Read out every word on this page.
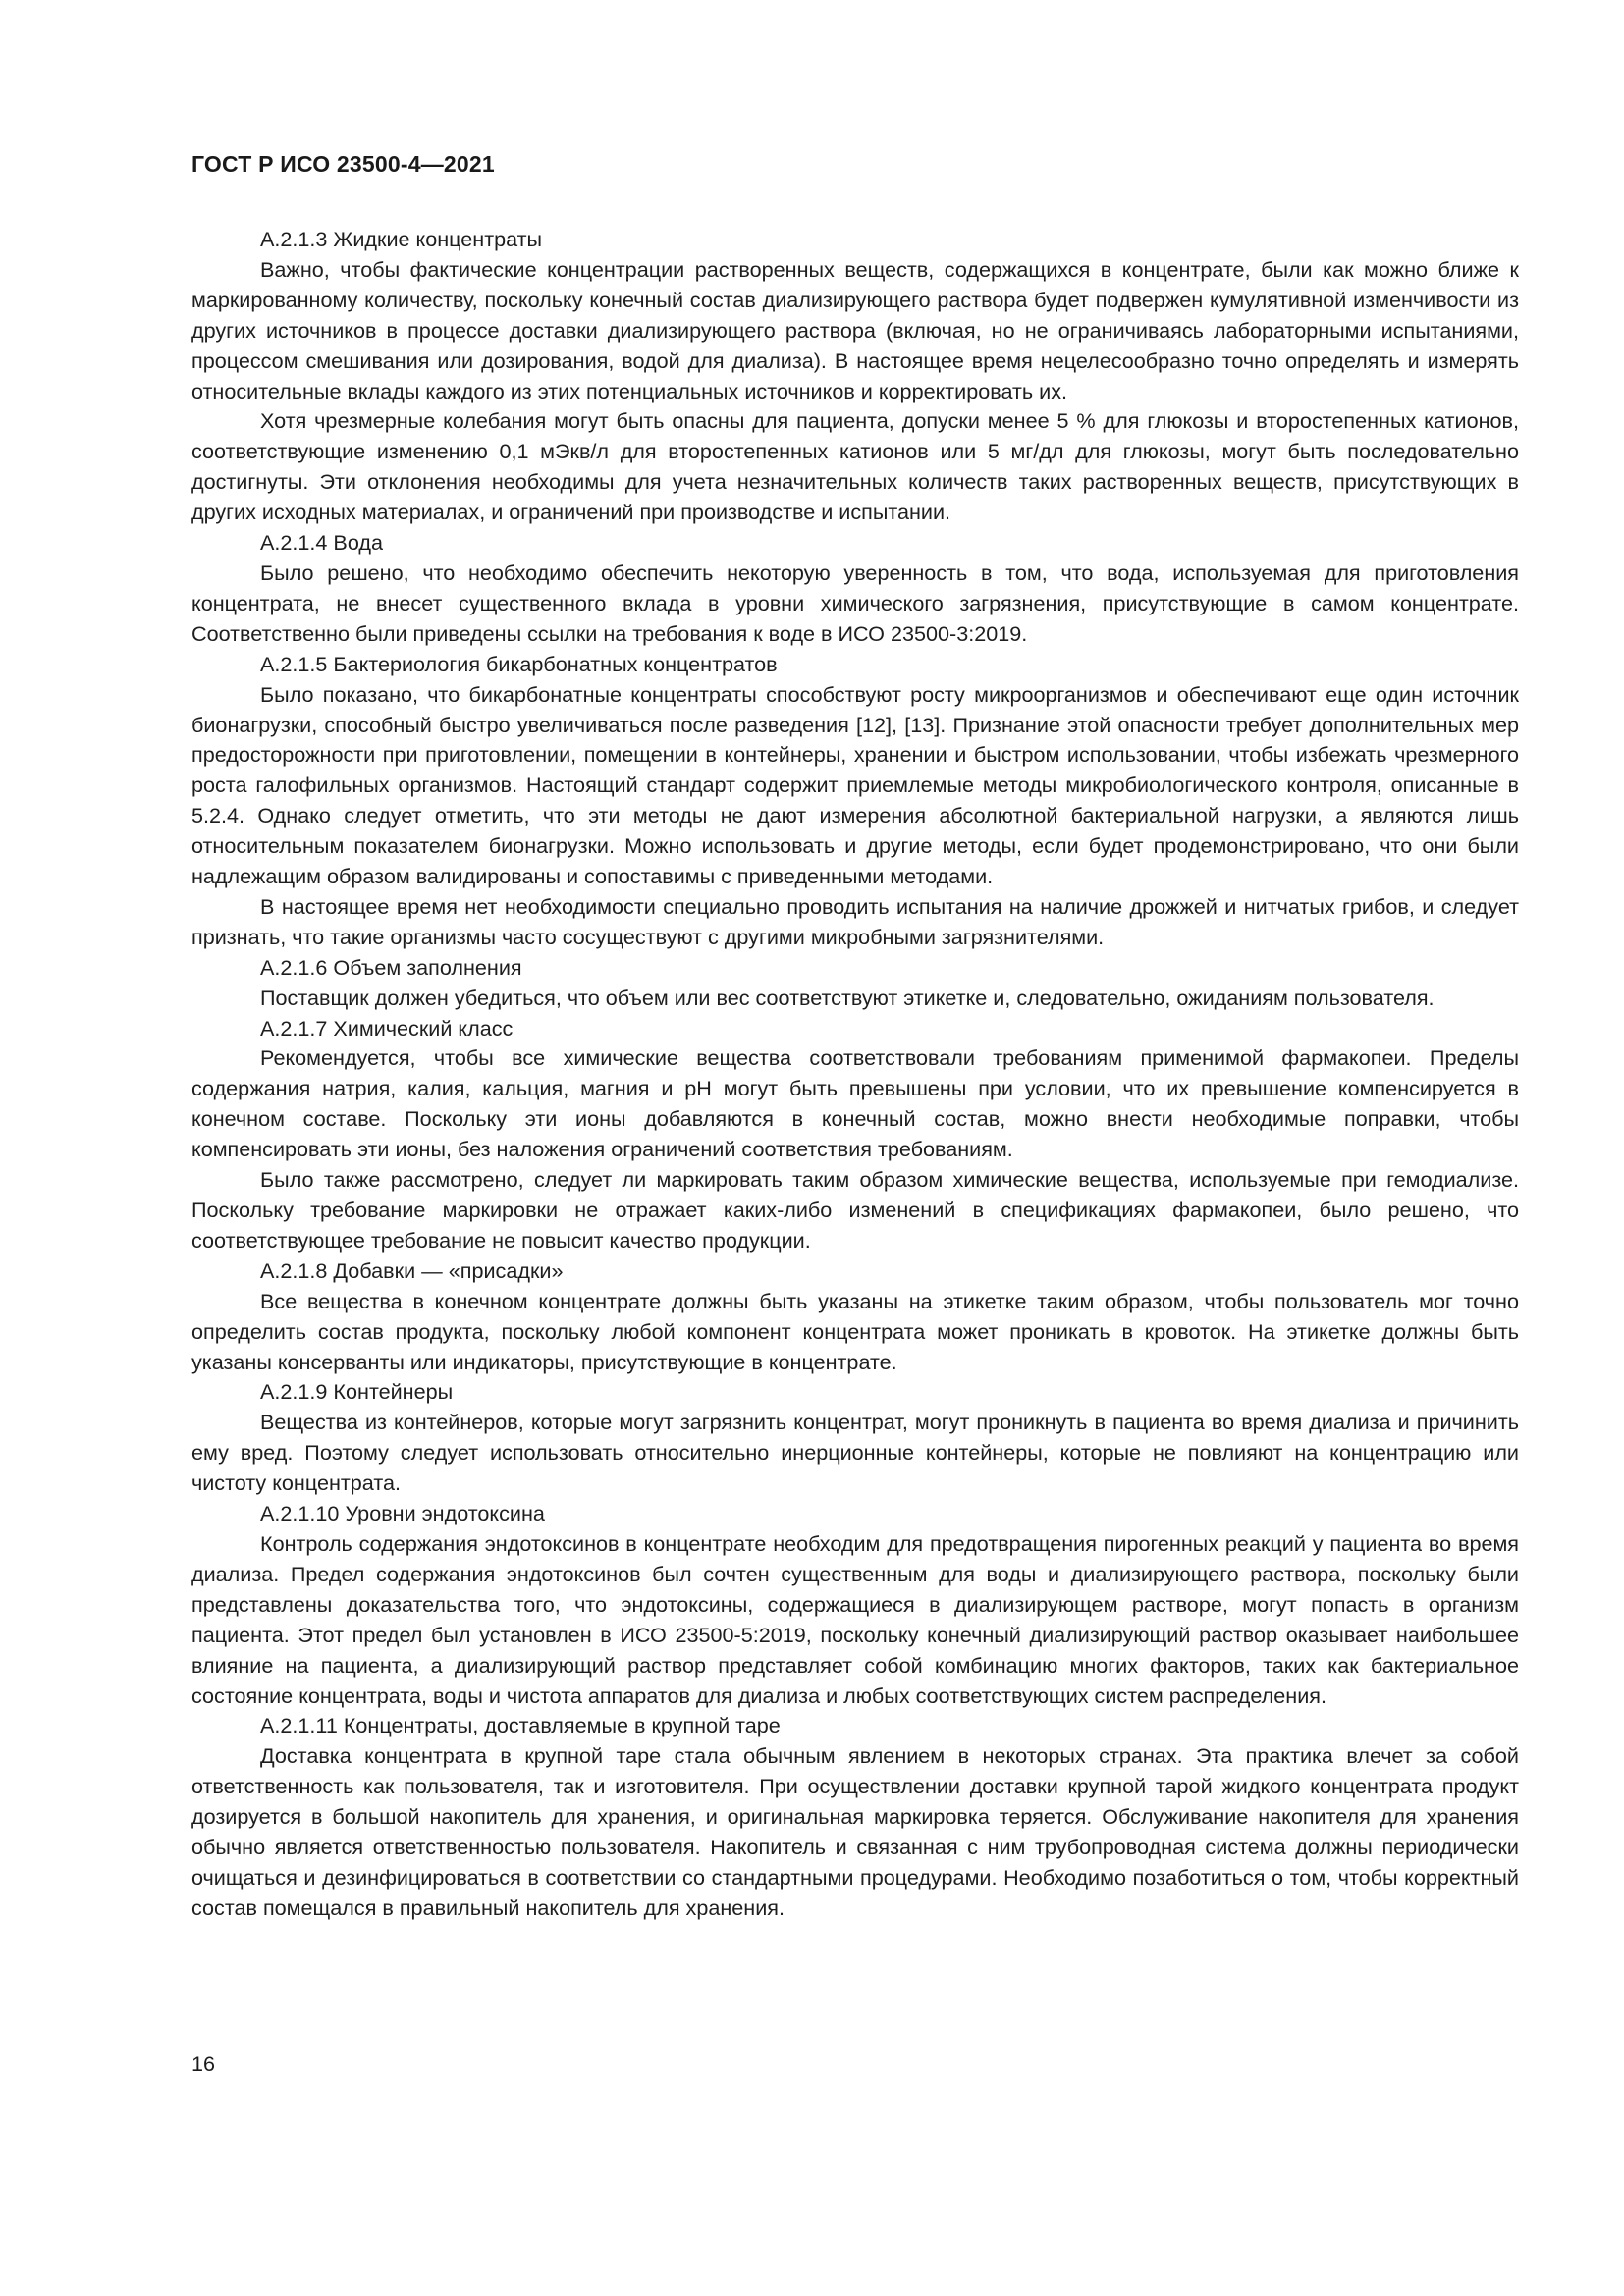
ГОСТ Р ИСО 23500-4—2021

А.2.1.3 Жидкие концентраты

Важно, чтобы фактические концентрации растворенных веществ, содержащихся в концентрате, были как можно ближе к маркированному количеству, поскольку конечный состав диализирующего раствора будет подвержен кумулятивной изменчивости из других источников в процессе доставки диализирующего раствора (включая, но не ограничиваясь лабораторными испытаниями, процессом смешивания или дозирования, водой для диализа). В настоящее время нецелесообразно точно определять и измерять относительные вклады каждого из этих потенциальных источников и корректировать их.

Хотя чрезмерные колебания могут быть опасны для пациента, допуски менее 5 % для глюкозы и второстепенных катионов, соответствующие изменению 0,1 мЭкв/л для второстепенных катионов или 5 мг/дл для глюкозы, могут быть последовательно достигнуты. Эти отклонения необходимы для учета незначительных количеств таких растворенных веществ, присутствующих в других исходных материалах, и ограничений при производстве и испытании.

А.2.1.4 Вода

Было решено, что необходимо обеспечить некоторую уверенность в том, что вода, используемая для приготовления концентрата, не внесет существенного вклада в уровни химического загрязнения, присутствующие в самом концентрате. Соответственно были приведены ссылки на требования к воде в ИСО 23500-3:2019.

А.2.1.5 Бактериология бикарбонатных концентратов

Было показано, что бикарбонатные концентраты способствуют росту микроорганизмов и обеспечивают еще один источник бионагрузки, способный быстро увеличиваться после разведения [12], [13]. Признание этой опасности требует дополнительных мер предосторожности при приготовлении, помещении в контейнеры, хранении и быстром использовании, чтобы избежать чрезмерного роста галофильных организмов. Настоящий стандарт содержит приемлемые методы микробиологического контроля, описанные в 5.2.4. Однако следует отметить, что эти методы не дают измерения абсолютной бактериальной нагрузки, а являются лишь относительным показателем бионагрузки. Можно использовать и другие методы, если будет продемонстрировано, что они были надлежащим образом валидированы и сопоставимы с приведенными методами.

В настоящее время нет необходимости специально проводить испытания на наличие дрожжей и нитчатых грибов, и следует признать, что такие организмы часто сосуществуют с другими микробными загрязнителями.

А.2.1.6 Объем заполнения

Поставщик должен убедиться, что объем или вес соответствуют этикетке и, следовательно, ожиданиям пользователя.

А.2.1.7 Химический класс

Рекомендуется, чтобы все химические вещества соответствовали требованиям применимой фармакопеи. Пределы содержания натрия, калия, кальция, магния и pH могут быть превышены при условии, что их превышение компенсируется в конечном составе. Поскольку эти ионы добавляются в конечный состав, можно внести необходимые поправки, чтобы компенсировать эти ионы, без наложения ограничений соответствия требованиям.

Было также рассмотрено, следует ли маркировать таким образом химические вещества, используемые при гемодиализе. Поскольку требование маркировки не отражает каких-либо изменений в спецификациях фармакопеи, было решено, что соответствующее требование не повысит качество продукции.

А.2.1.8 Добавки — «присадки»

Все вещества в конечном концентрате должны быть указаны на этикетке таким образом, чтобы пользователь мог точно определить состав продукта, поскольку любой компонент концентрата может проникать в кровоток. На этикетке должны быть указаны консерванты или индикаторы, присутствующие в концентрате.

А.2.1.9 Контейнеры

Вещества из контейнеров, которые могут загрязнить концентрат, могут проникнуть в пациента во время диализа и причинить ему вред. Поэтому следует использовать относительно инерционные контейнеры, которые не повлияют на концентрацию или чистоту концентрата.

А.2.1.10 Уровни эндотоксина

Контроль содержания эндотоксинов в концентрате необходим для предотвращения пирогенных реакций у пациента во время диализа. Предел содержания эндотоксинов был сочтен существенным для воды и диализирующего раствора, поскольку были представлены доказательства того, что эндотоксины, содержащиеся в диализирующем растворе, могут попасть в организм пациента. Этот предел был установлен в ИСО 23500-5:2019, поскольку конечный диализирующий раствор оказывает наибольшее влияние на пациента, а диализирующий раствор представляет собой комбинацию многих факторов, таких как бактериальное состояние концентрата, воды и чистота аппаратов для диализа и любых соответствующих систем распределения.

А.2.1.11 Концентраты, доставляемые в крупной таре

Доставка концентрата в крупной таре стала обычным явлением в некоторых странах. Эта практика влечет за собой ответственность как пользователя, так и изготовителя. При осуществлении доставки крупной тарой жидкого концентрата продукт дозируется в большой накопитель для хранения, и оригинальная маркировка теряется. Обслуживание накопителя для хранения обычно является ответственностью пользователя. Накопитель и связанная с ним трубопроводная система должны периодически очищаться и дезинфицироваться в соответствии со стандартными процедурами. Необходимо позаботиться о том, чтобы корректный состав помещался в правильный накопитель для хранения.

16
